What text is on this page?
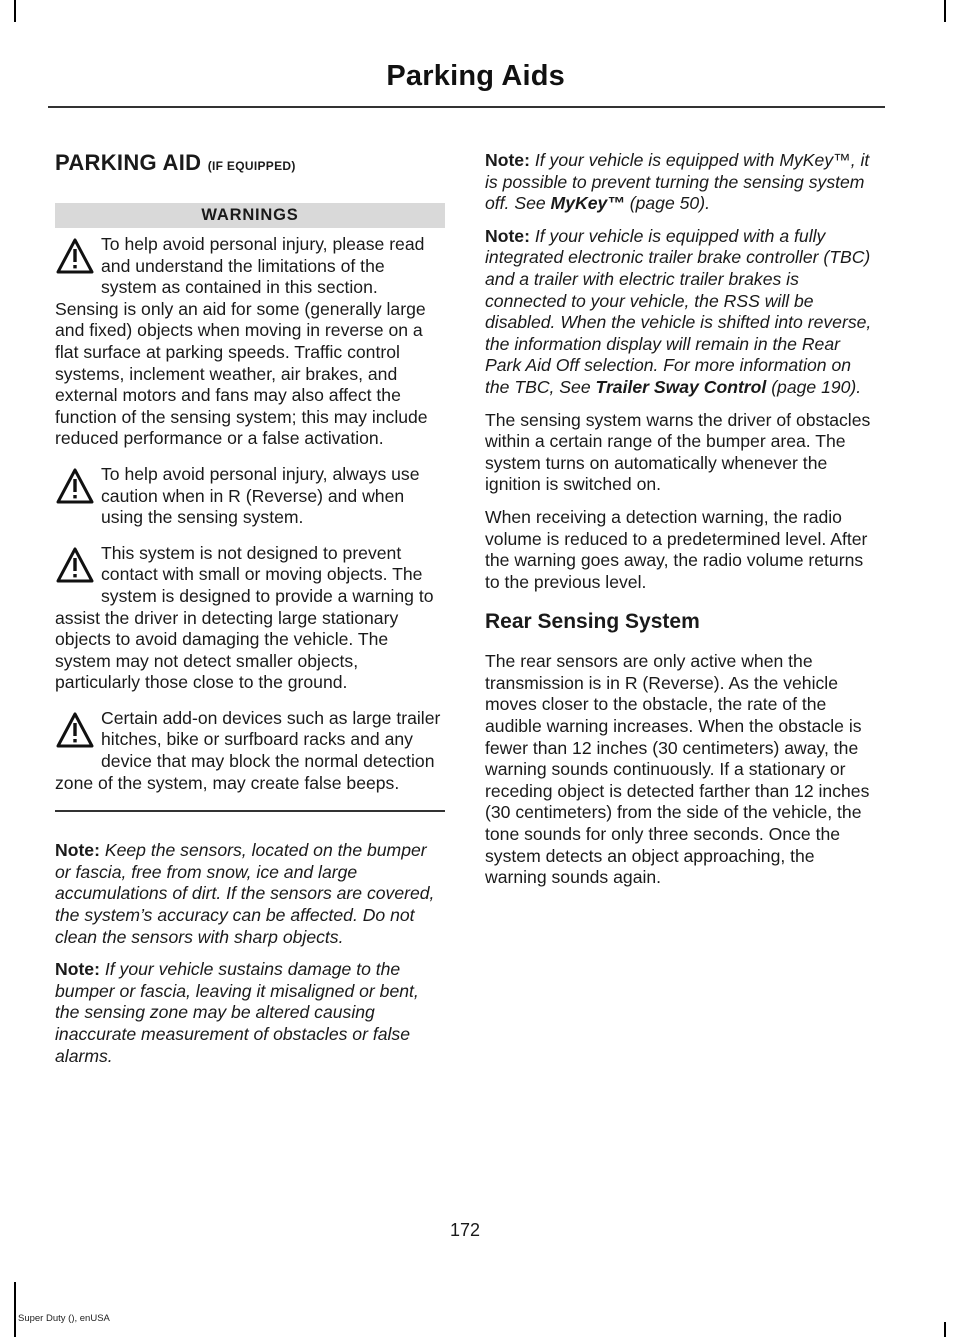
Parking Aids
PARKING AID (IF EQUIPPED)
WARNINGS
To help avoid personal injury, please read and understand the limitations of the system as contained in this section. Sensing is only an aid for some (generally large and fixed) objects when moving in reverse on a flat surface at parking speeds. Traffic control systems, inclement weather, air brakes, and external motors and fans may also affect the function of the sensing system; this may include reduced performance or a false activation.
To help avoid personal injury, always use caution when in R (Reverse) and when using the sensing system.
This system is not designed to prevent contact with small or moving objects. The system is designed to provide a warning to assist the driver in detecting large stationary objects to avoid damaging the vehicle. The system may not detect smaller objects, particularly those close to the ground.
Certain add-on devices such as large trailer hitches, bike or surfboard racks and any device that may block the normal detection zone of the system, may create false beeps.

Note: Keep the sensors, located on the bumper or fascia, free from snow, ice and large accumulations of dirt. If the sensors are covered, the system’s accuracy can be affected. Do not clean the sensors with sharp objects.

Note: If your vehicle sustains damage to the bumper or fascia, leaving it misaligned or bent, the sensing zone may be altered causing inaccurate measurement of obstacles or false alarms.

Note: If your vehicle is equipped with MyKey™, it is possible to prevent turning the sensing system off. See MyKey™ (page 50).

Note: If your vehicle is equipped with a fully integrated electronic trailer brake controller (TBC) and a trailer with electric trailer brakes is connected to your vehicle, the RSS will be disabled. When the vehicle is shifted into reverse, the information display will remain in the Rear Park Aid Off selection. For more information on the TBC, See Trailer Sway Control (page 190).

The sensing system warns the driver of obstacles within a certain range of the bumper area. The system turns on automatically whenever the ignition is switched on.

When receiving a detection warning, the radio volume is reduced to a predetermined level. After the warning goes away, the radio volume returns to the previous level.

Rear Sensing System

The rear sensors are only active when the transmission is in R (Reverse). As the vehicle moves closer to the obstacle, the rate of the audible warning increases. When the obstacle is fewer than 12 inches (30 centimeters) away, the warning sounds continuously. If a stationary or receding object is detected farther than 12 inches (30 centimeters) from the side of the vehicle, the tone sounds for only three seconds. Once the system detects an object approaching, the warning sounds again.

172
Super Duty (), enUSA
